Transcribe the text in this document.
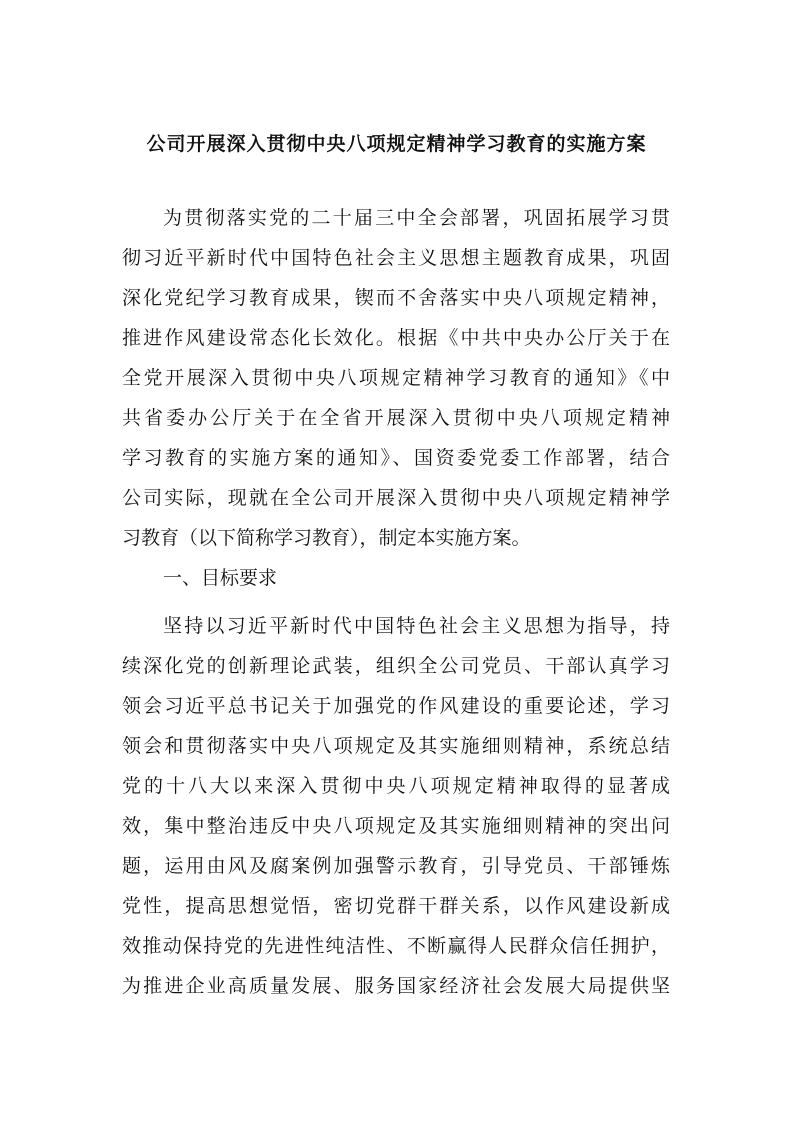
公司开展深入贯彻中央八项规定精神学习教育的实施方案

为贯彻落实党的二十届三中全会部署，巩固拓展学习贯

彻习近平新时代中国特色社会主义思想主题教育成果，巩固

深化党纪学习教育成果，锲而不舍落实中央八项规定精神，

推进作风建设常态化长效化。根据《中共中央办公厅关于在

全党开展深入贯彻中央八项规定精神学习教育的通知》《中

共省委办公厅关于在全省开展深入贯彻中央八项规定精神

学习教育的实施方案的通知》、国资委党委工作部署，结合

公司实际，现就在全公司开展深入贯彻中央八项规定精神学

习教育（以下简称学习教育），制定本实施方案。

一、目标要求

坚持以习近平新时代中国特色社会主义思想为指导，持

续深化党的创新理论武装，组织全公司党员、干部认真学习

领会习近平总书记关于加强党的作风建设的重要论述，学习

领会和贯彻落实中央八项规定及其实施细则精神，系统总结

党的十八大以来深入贯彻中央八项规定精神取得的显著成

效，集中整治违反中央八项规定及其实施细则精神的突出问

题，运用由风及腐案例加强警示教育，引导党员、干部锤炼

党性，提高思想觉悟，密切党群干群关系，以作风建设新成

效推动保持党的先进性纯洁性、不断赢得人民群众信任拥护，

为推进企业高质量发展、服务国家经济社会发展大局提供坚
